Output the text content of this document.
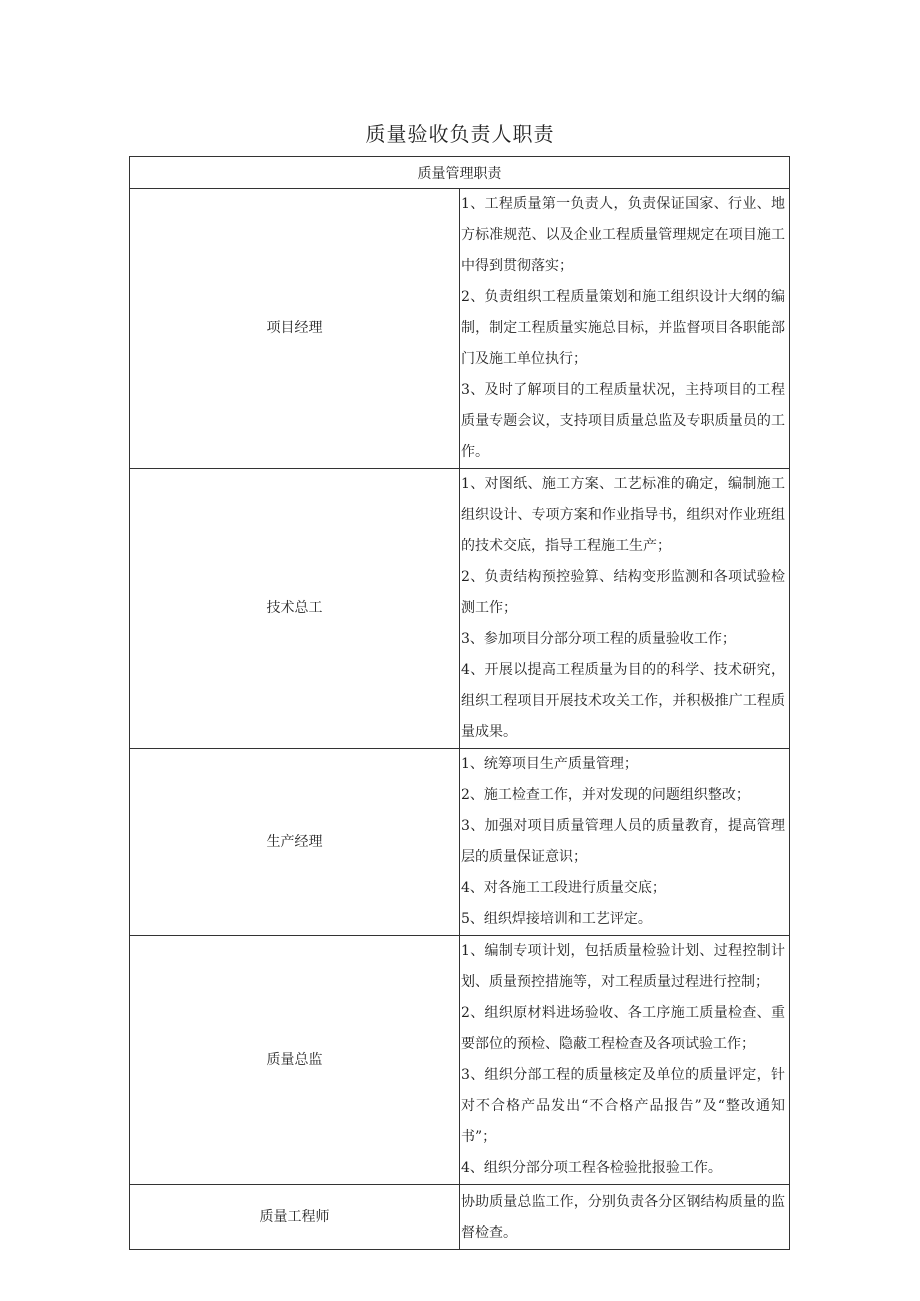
质量验收负责人职责
质量管理职责	
项目经理	1、工程质量第一负责人，负责保证国家、行业、地方标准规范、以及企业工程质量管理规定在项目施工中得到贯彻落实；

2、负责组织工程质量策划和施工组织设计大纲的编制，制定工程质量实施总目标，并监督项目各职能部门及施工单位执行；

3、及时了解项目的工程质量状况，主持项目的工程质量专题会议，支持项目质量总监及专职质量员的工作。

技术总工	1、对图纸、施工方案、工艺标准的确定，编制施工组织设计、专项方案和作业指导书，组织对作业班组的技术交底，指导工程施工生产；

2、负责结构预控验算、结构变形监测和各项试验检测工作；

3、参加项目分部分项工程的质量验收工作；

4、开展以提高工程质量为目的的科学、技术研究，组织工程项目开展技术攻关工作，并积极推广工程质量成果。

生产经理	1、统筹项目生产质量管理；

2、施工检查工作，并对发现的问题组织整改；

3、加强对项目质量管理人员的质量教育，提高管理层的质量保证意识；

4、对各施工工段进行质量交底；

5、组织焊接培训和工艺评定。

质量总监	1、编制专项计划，包括质量检验计划、过程控制计划、质量预控措施等，对工程质量过程进行控制；

2、组织原材料进场验收、各工序施工质量检查、重要部位的预检、隐蔽工程检查及各项试验工作；

3、组织分部工程的质量核定及单位的质量评定，针对不合格产品发出“不合格产品报告”及“整改通知书”；

4、组织分部分项工程各检验批报验工作。

质量工程师	协助质量总监工作，分别负责各分区钢结构质量的监督检查。
